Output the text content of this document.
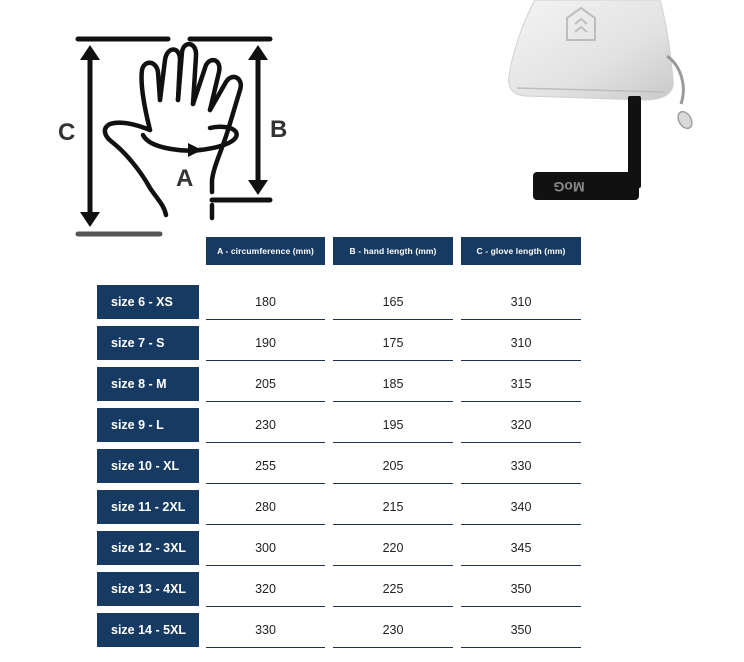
C	B
A	MoG
A - circumference (mm)	B - hand length (mm)	C - glove length (mm)
size 6 - XS	180	165	310
size 7 - S	190	175	310
size 8 - M	205	185	315
size 9 - L	230	195	320
size 10 - XL	255	205	330
size 11 - 2XL	280	215	340
size 12 - 3XL	300	220	345
size 13 - 4XL	320	225	350
size 14 - 5XL	330	230	350
